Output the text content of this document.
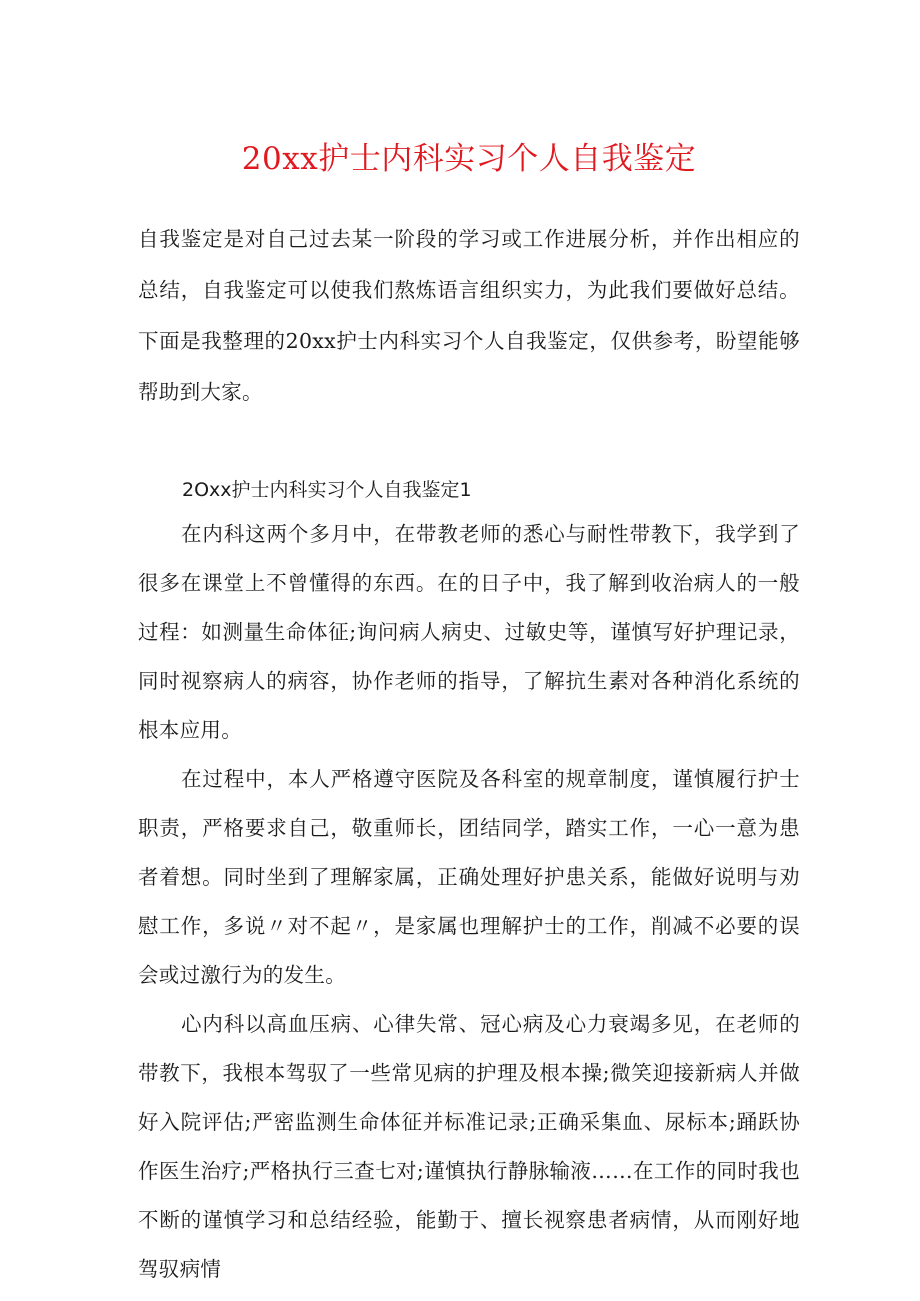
20xx护士内科实习个人自我鉴定

自我鉴定是对自己过去某一阶段的学习或工作进展分析，并作出相应的总结，自我鉴定可以使我们熬炼语言组织实力，为此我们要做好总结。下面是我整理的20xx护士内科实习个人自我鉴定，仅供参考，盼望能够帮助到大家。

2Oxx护士内科实习个人自我鉴定1

在内科这两个多月中，在带教老师的悉心与耐性带教下，我学到了很多在课堂上不曾懂得的东西。在的日子中，我了解到收治病人的一般过程：如测量生命体征;询问病人病史、过敏史等，谨慎写好护理记录，同时视察病人的病容，协作老师的指导，了解抗生素对各种消化系统的根本应用。

在过程中，本人严格遵守医院及各科室的规章制度，谨慎履行护士职责，严格要求自己，敬重师长，团结同学，踏实工作，一心一意为患者着想。同时坐到了理解家属，正确处理好护患关系，能做好说明与劝慰工作，多说〃对不起〃，是家属也理解护士的工作，削减不必要的误会或过激行为的发生。

心内科以高血压病、心律失常、冠心病及心力衰竭多见，在老师的带教下，我根本驾驭了一些常见病的护理及根本操;微笑迎接新病人并做好入院评估;严密监测生命体征并标准记录;正确采集血、尿标本;踊跃协作医生治疗;严格执行三查七对;谨慎执行静脉输液……在工作的同时我也不断的谨慎学习和总结经验，能勤于、擅长视察患者病情，从而刚好地驾驭病情
